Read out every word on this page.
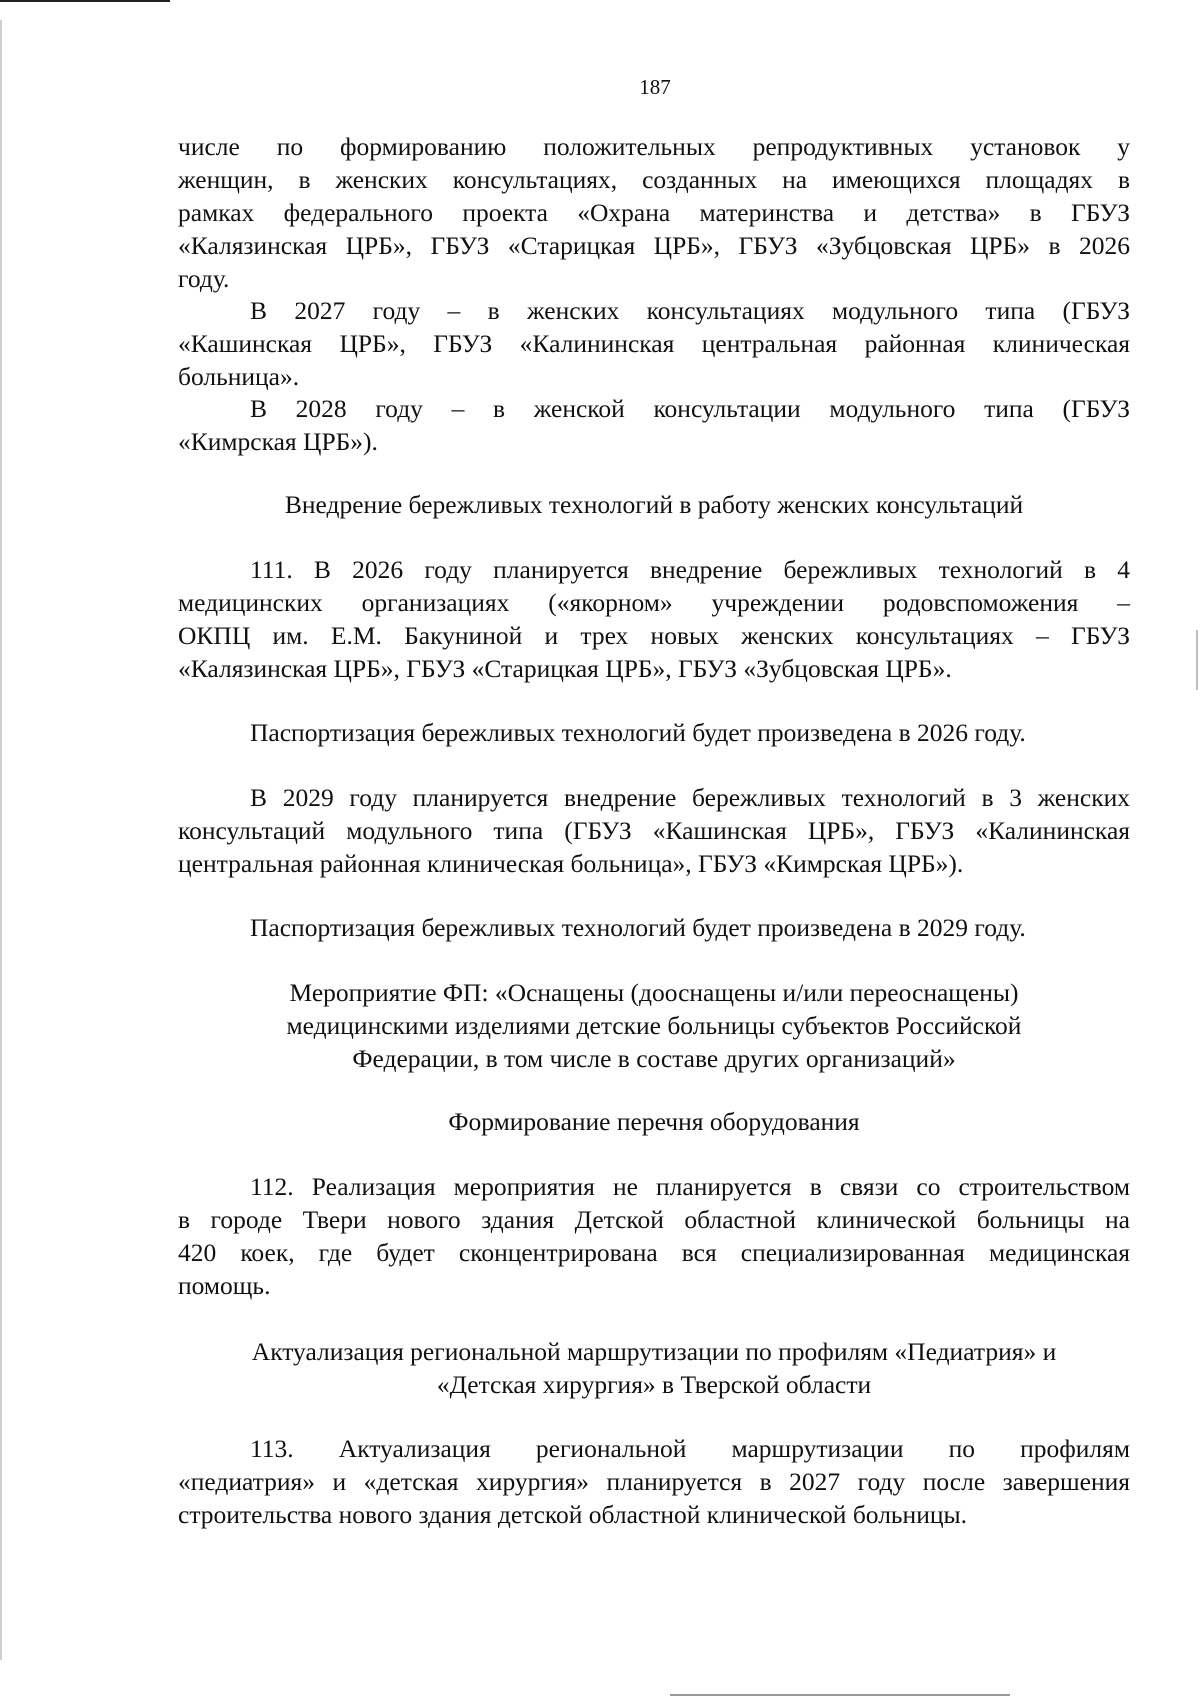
187
числе по формированию положительных репродуктивных установок у
женщин, в женских консультациях, созданных на имеющихся площадях в
рамках федерального проекта «Охрана материнства и детства» в ГБУЗ
«Калязинская ЦРБ», ГБУЗ «Старицкая ЦРБ», ГБУЗ «Зубцовская ЦРБ» в 2026
году.
В 2027 году – в женских консультациях модульного типа (ГБУЗ
«Кашинская ЦРБ», ГБУЗ «Калининская центральная районная клиническая
больница».
В 2028 году – в женской консультации модульного типа (ГБУЗ
«Кимрская ЦРБ»).
Внедрение бережливых технологий в работу женских консультаций
111. В 2026 году планируется внедрение бережливых технологий в 4
медицинских организациях («якорном» учреждении родовспоможения –
ОКПЦ им. Е.М. Бакуниной и трех новых женских консультациях – ГБУЗ
«Калязинская ЦРБ», ГБУЗ «Старицкая ЦРБ», ГБУЗ «Зубцовская ЦРБ».
Паспортизация бережливых технологий будет произведена в 2026 году.
В 2029 году планируется внедрение бережливых технологий в 3 женских
консультаций модульного типа (ГБУЗ «Кашинская ЦРБ», ГБУЗ «Калининская
центральная районная клиническая больница», ГБУЗ «Кимрская ЦРБ»).
Паспортизация бережливых технологий будет произведена в 2029 году.
Мероприятие ФП: «Оснащены (дооснащены и/или переоснащены)
медицинскими изделиями детские больницы субъектов Российской
Федерации, в том числе в составе других организаций»
Формирование перечня оборудования
112. Реализация мероприятия не планируется в связи со строительством
в городе Твери нового здания Детской областной клинической больницы на
420 коек, где будет сконцентрирована вся специализированная медицинская
помощь.
Актуализация региональной маршрутизации по профилям «Педиатрия» и
«Детская хирургия» в Тверской области
113. Актуализация региональной маршрутизации по профилям
«педиатрия» и «детская хирургия» планируется в 2027 году после завершения
строительства нового здания детской областной клинической больницы.
